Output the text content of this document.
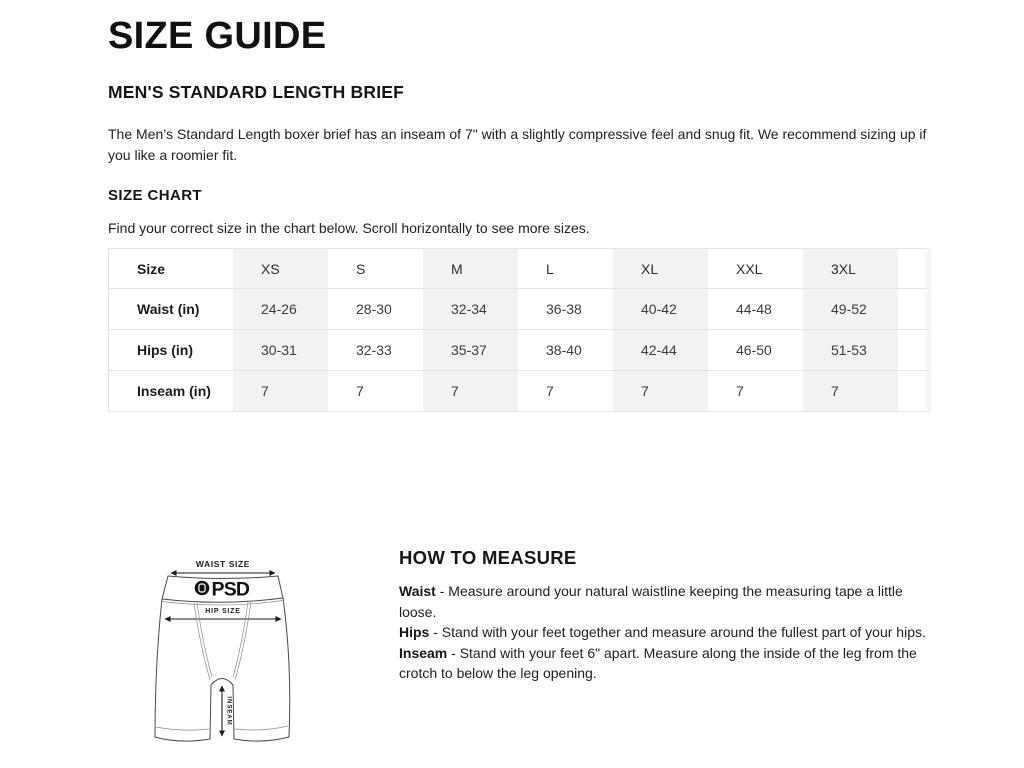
SIZE GUIDE
MEN'S STANDARD LENGTH BRIEF

The Men’s Standard Length boxer brief has an inseam of 7" with a slightly compressive feel and snug fit. We recommend sizing up if you like a roomier fit.

SIZE CHART

Find your correct size in the chart below. Scroll horizontally to see more sizes.

Size	XS	S	M	L	XL	XXL	3XL	
Waist (in)	24-26	28-30	32-34	36-38	40-42	44-48	49-52	
Hips (in)	30-31	32-33	35-37	38-40	42-44	46-50	51-53	
Inseam (in)	7	7	7	7	7	7	7	
WAIST SIZE
PSD
HIP SIZE
INSEAM
HOW TO MEASURE

Waist - Measure around your natural waistline keeping the measuring tape a little loose.

Hips - Stand with your feet together and measure around the fullest part of your hips.

Inseam - Stand with your feet 6" apart. Measure along the inside of the leg from the crotch to below the leg opening.
